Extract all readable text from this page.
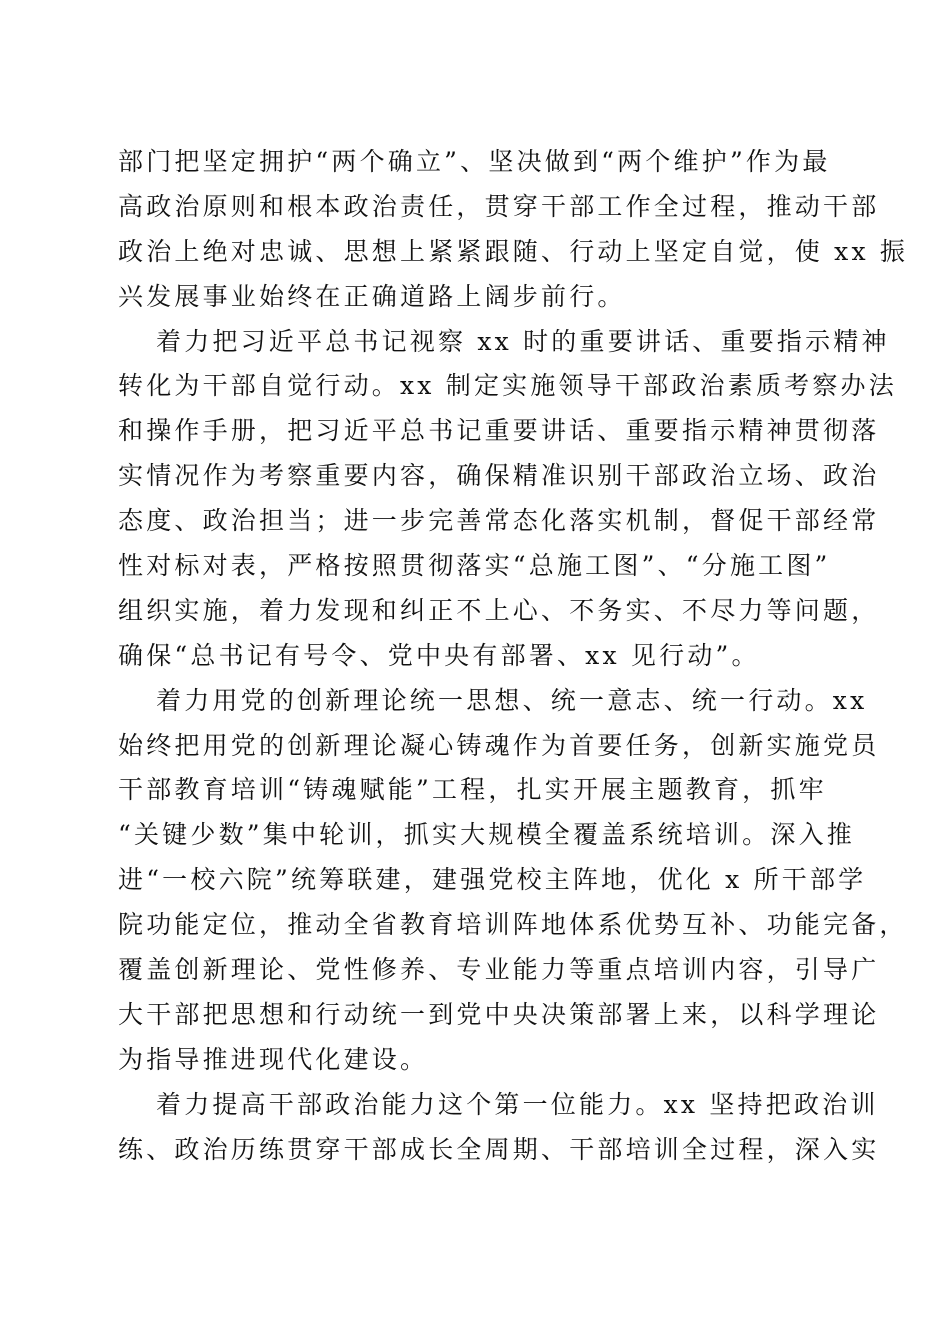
部门把坚定拥护“两个确立”、坚决做到“两个维护”作为最
高政治原则和根本政治责任，贯穿干部工作全过程，推动干部
政治上绝对忠诚、思想上紧紧跟随、行动上坚定自觉，使 xx 振
兴发展事业始终在正确道路上阔步前行。
着力把习近平总书记视察 xx 时的重要讲话、重要指示精神
转化为干部自觉行动。xx 制定实施领导干部政治素质考察办法
和操作手册，把习近平总书记重要讲话、重要指示精神贯彻落
实情况作为考察重要内容，确保精准识别干部政治立场、政治
态度、政治担当；进一步完善常态化落实机制，督促干部经常
性对标对表，严格按照贯彻落实“总施工图”、“分施工图”
组织实施，着力发现和纠正不上心、不务实、不尽力等问题，
确保“总书记有号令、党中央有部署、xx 见行动”。
着力用党的创新理论统一思想、统一意志、统一行动。xx
始终把用党的创新理论凝心铸魂作为首要任务，创新实施党员
干部教育培训“铸魂赋能”工程，扎实开展主题教育，抓牢
“关键少数”集中轮训，抓实大规模全覆盖系统培训。深入推
进“一校六院”统筹联建，建强党校主阵地，优化 x 所干部学
院功能定位，推动全省教育培训阵地体系优势互补、功能完备，
覆盖创新理论、党性修养、专业能力等重点培训内容，引导广
大干部把思想和行动统一到党中央决策部署上来，以科学理论
为指导推进现代化建设。
着力提高干部政治能力这个第一位能力。xx 坚持把政治训
练、政治历练贯穿干部成长全周期、干部培训全过程，深入实
